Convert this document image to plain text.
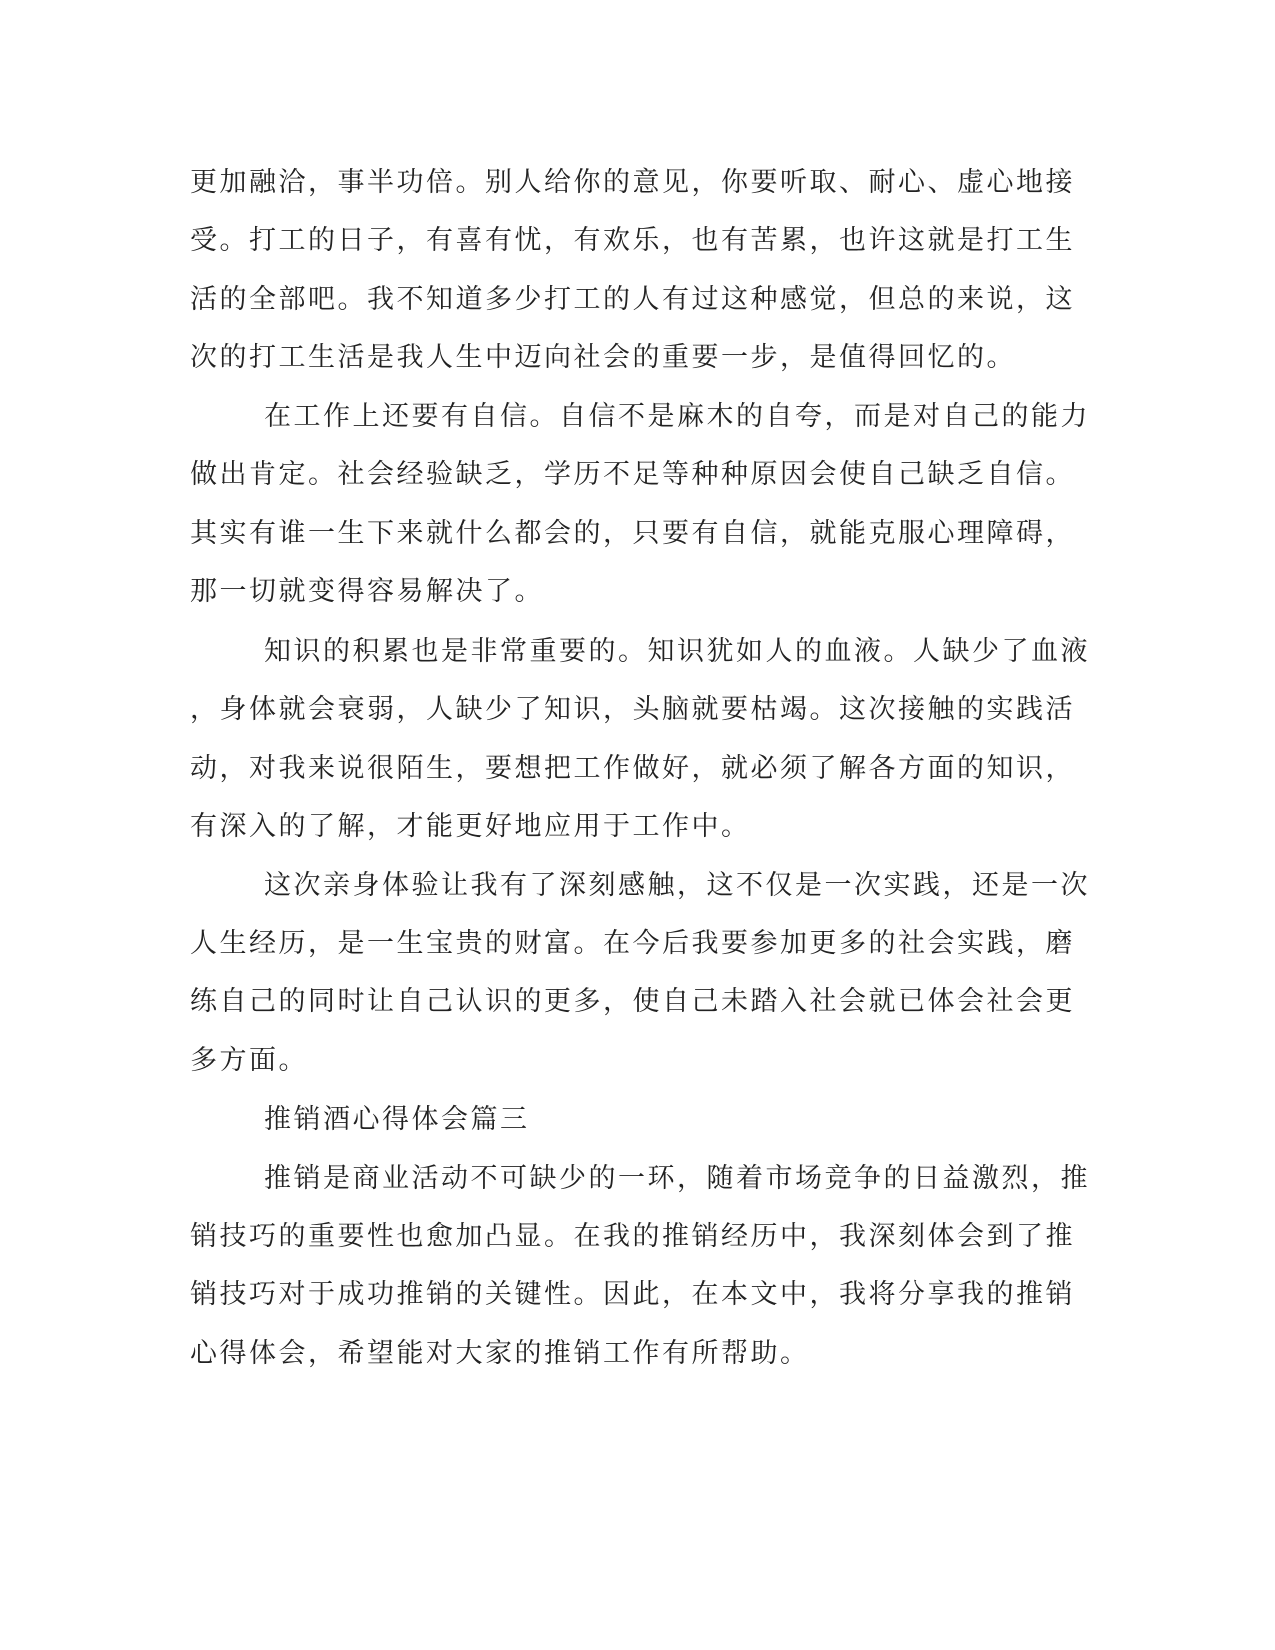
更加融洽，事半功倍。别人给你的意见，你要听取、耐心、虚心地接
受。打工的日子，有喜有忧，有欢乐，也有苦累，也许这就是打工生
活的全部吧。我不知道多少打工的人有过这种感觉，但总的来说，这
次的打工生活是我人生中迈向社会的重要一步，是值得回忆的。
在工作上还要有自信。自信不是麻木的自夸，而是对自己的能力
做出肯定。社会经验缺乏，学历不足等种种原因会使自己缺乏自信。
其实有谁一生下来就什么都会的，只要有自信，就能克服心理障碍，
那一切就变得容易解决了。
知识的积累也是非常重要的。知识犹如人的血液。人缺少了血液
，身体就会衰弱，人缺少了知识，头脑就要枯竭。这次接触的实践活
动，对我来说很陌生，要想把工作做好，就必须了解各方面的知识，
有深入的了解，才能更好地应用于工作中。
这次亲身体验让我有了深刻感触，这不仅是一次实践，还是一次
人生经历，是一生宝贵的财富。在今后我要参加更多的社会实践，磨
练自己的同时让自己认识的更多，使自己未踏入社会就已体会社会更
多方面。
推销酒心得体会篇三
推销是商业活动不可缺少的一环，随着市场竞争的日益激烈，推
销技巧的重要性也愈加凸显。在我的推销经历中，我深刻体会到了推
销技巧对于成功推销的关键性。因此，在本文中，我将分享我的推销
心得体会，希望能对大家的推销工作有所帮助。
